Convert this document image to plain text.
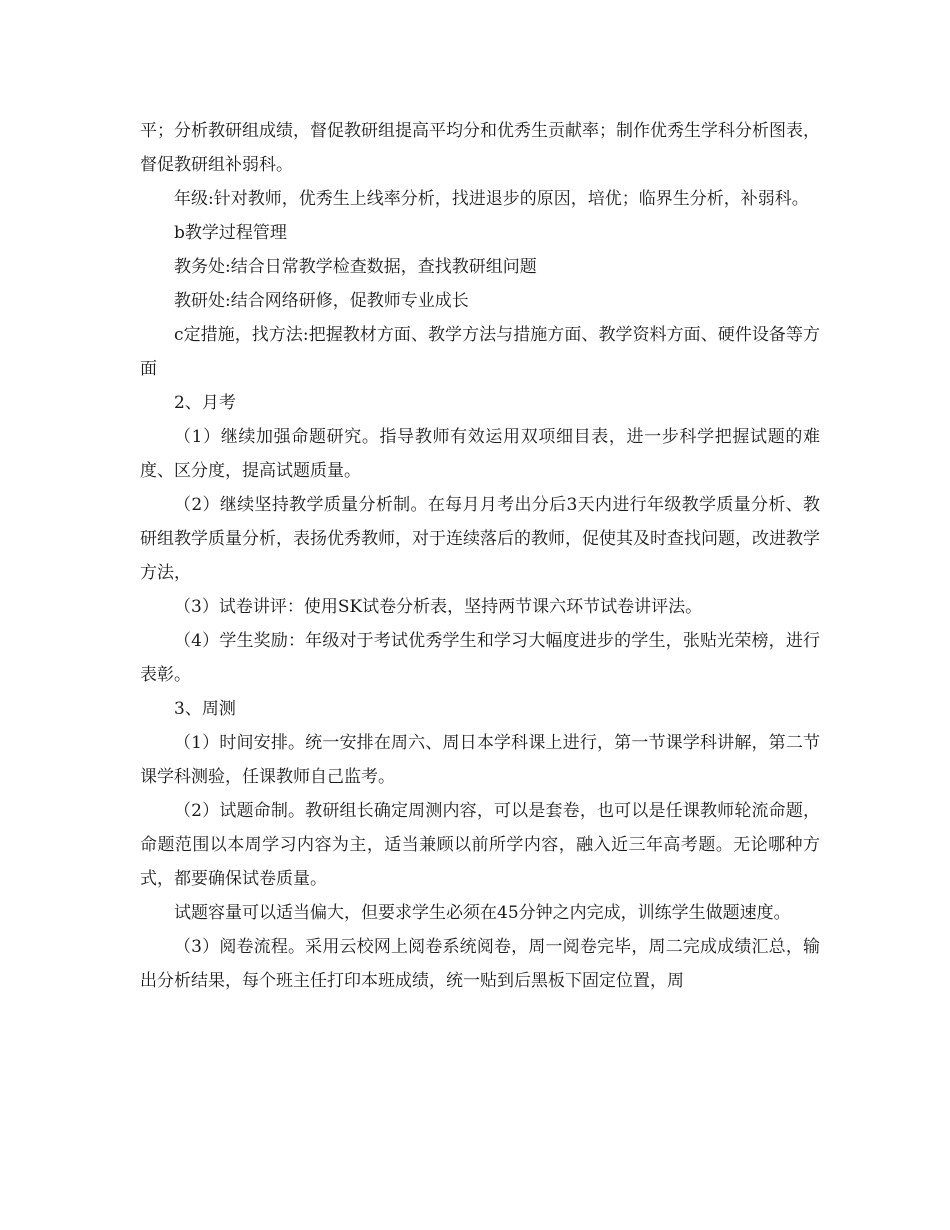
平；分析教研组成绩，督促教研组提高平均分和优秀生贡献率；制作优秀生学科分析图表，督促教研组补弱科。

年级:针对教师，优秀生上线率分析，找进退步的原因，培优；临界生分析，补弱科。

b教学过程管理

教务处:结合日常教学检查数据，查找教研组问题

教研处:结合网络研修，促教师专业成长

c定措施，找方法:把握教材方面、教学方法与措施方面、教学资料方面、硬件设备等方面

2、月考

（1）继续加强命题研究。指导教师有效运用双项细目表，进一步科学把握试题的难度、区分度，提高试题质量。

（2）继续坚持教学质量分析制。在每月月考出分后3天内进行年级教学质量分析、教研组教学质量分析，表扬优秀教师，对于连续落后的教师，促使其及时查找问题，改进教学方法，

（3）试卷讲评：使用SK试卷分析表，坚持两节课六环节试卷讲评法。

（4）学生奖励：年级对于考试优秀学生和学习大幅度进步的学生，张贴光荣榜，进行表彰。

3、周测

（1）时间安排。统一安排在周六、周日本学科课上进行，第一节课学科讲解，第二节课学科测验，任课教师自己监考。

（2）试题命制。教研组长确定周测内容，可以是套卷，也可以是任课教师轮流命题，命题范围以本周学习内容为主，适当兼顾以前所学内容，融入近三年高考题。无论哪种方式，都要确保试卷质量。

试题容量可以适当偏大，但要求学生必须在45分钟之内完成，训练学生做题速度。

（3）阅卷流程。采用云校网上阅卷系统阅卷，周一阅卷完毕，周二完成成绩汇总，输出分析结果，每个班主任打印本班成绩，统一贴到后黑板下固定位置，周
